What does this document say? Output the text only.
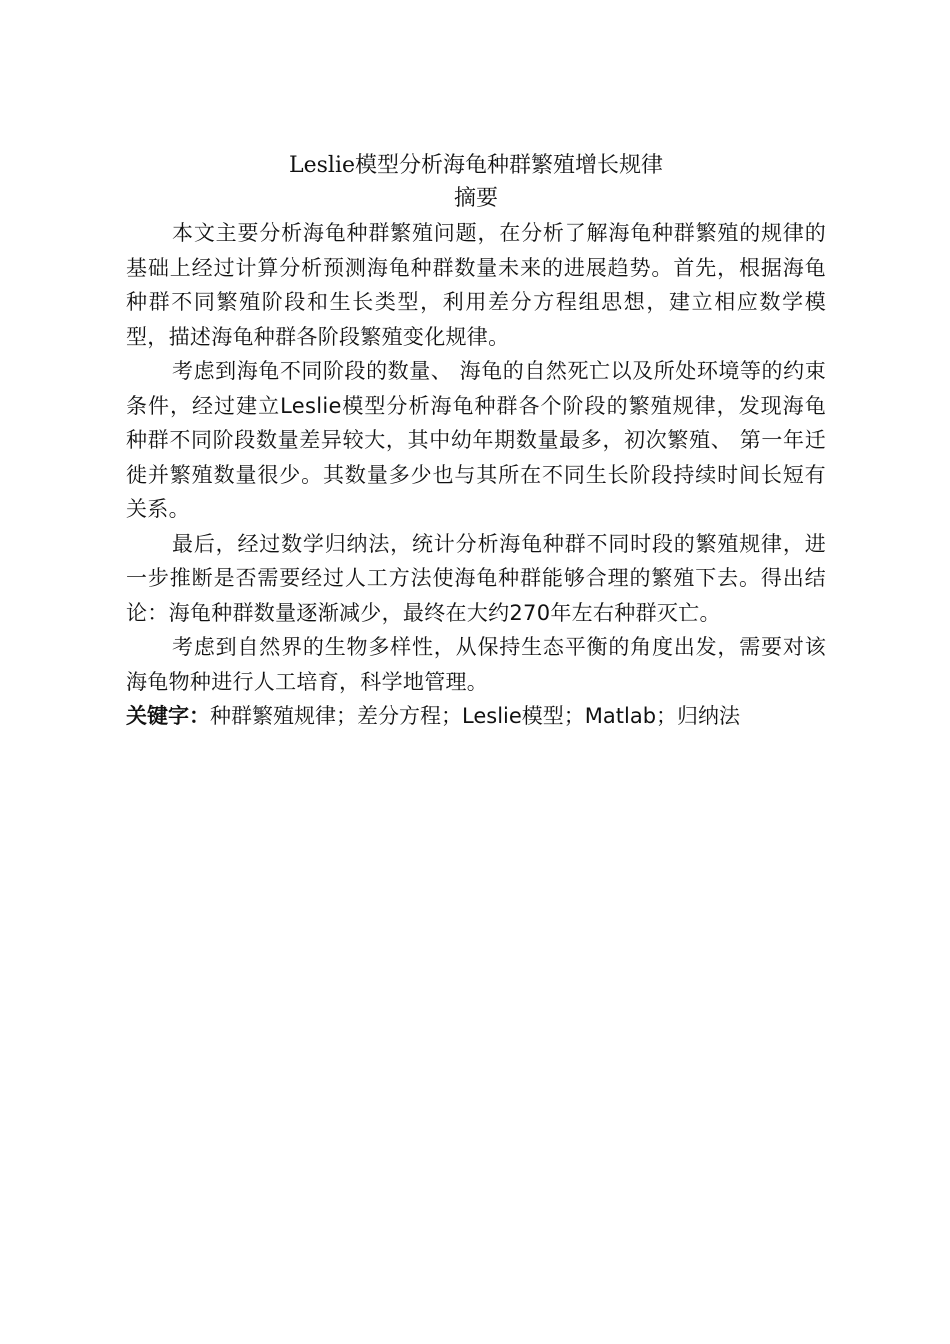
Leslie模型分析海龟种群繁殖增长规律
摘要

本文主要分析海龟种群繁殖问题，在分析了解海龟种群繁殖的规律的基础上经过计算分析预测海龟种群数量未来的进展趋势。首先，根据海龟种群不同繁殖阶段和生长类型，利用差分方程组思想，建立相应数学模型，描述海龟种群各阶段繁殖变化规律。

考虑到海龟不同阶段的数量、 海龟的自然死亡以及所处环境等的约束条件，经过建立Leslie模型分析海龟种群各个阶段的繁殖规律，发现海龟种群不同阶段数量差异较大，其中幼年期数量最多，初次繁殖、 第一年迁徙并繁殖数量很少。其数量多少也与其所在不同生长阶段持续时间长短有关系。

最后，经过数学归纳法，统计分析海龟种群不同时段的繁殖规律，进一步推断是否需要经过人工方法使海龟种群能够合理的繁殖下去。得出结论：海龟种群数量逐渐减少，最终在大约270年左右种群灭亡。

考虑到自然界的生物多样性，从保持生态平衡的角度出发，需要对该海龟物种进行人工培育，科学地管理。

关键字：种群繁殖规律；差分方程；Leslie模型；Matlab；归纳法
